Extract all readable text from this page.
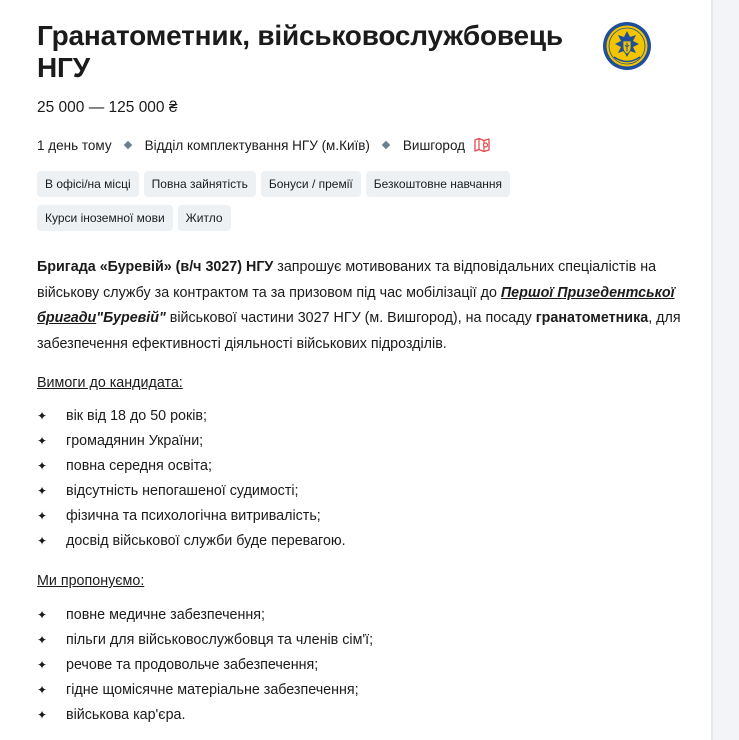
Гранатометник, військовослужбовець НГУ
25 000 — 125 000 ₴
1 день тому Відділ комплектування НГУ (м.Київ) Вишгород
В офісі/на місці Повна зайнятість Бонуси / премії Безкоштовне навчання
Курси іноземної мови Житло

Бригада «Буревій» (в/ч 3027) НГУ запрошує мотивованих та відповідальних спеціалістів на військову службу за контрактом та за призовом під час мобілізації до Першої Призедентської бригади"Буревій" військової частини 3027 НГУ (м. Вишгород), на посаду гранатометника, для забезпечення ефективності діяльності військових підрозділів.

Вимоги до кандидата:
✦	вік від 18 до 50 років;
✦	громадянин України;
✦	повна середня освіта;
✦	відсутність непогашеної судимості;
✦	фізична та психологічна витривалість;
✦	досвід військової служби буде перевагою.
Ми пропонуємо:
✦	повне медичне забезпечення;
✦	пільги для військовослужбовця та членів сім'ї;
✦	речове та продовольче забезпечення;
✦	гідне щомісячне матеріальне забезпечення;
✦	військова кар'єра.
